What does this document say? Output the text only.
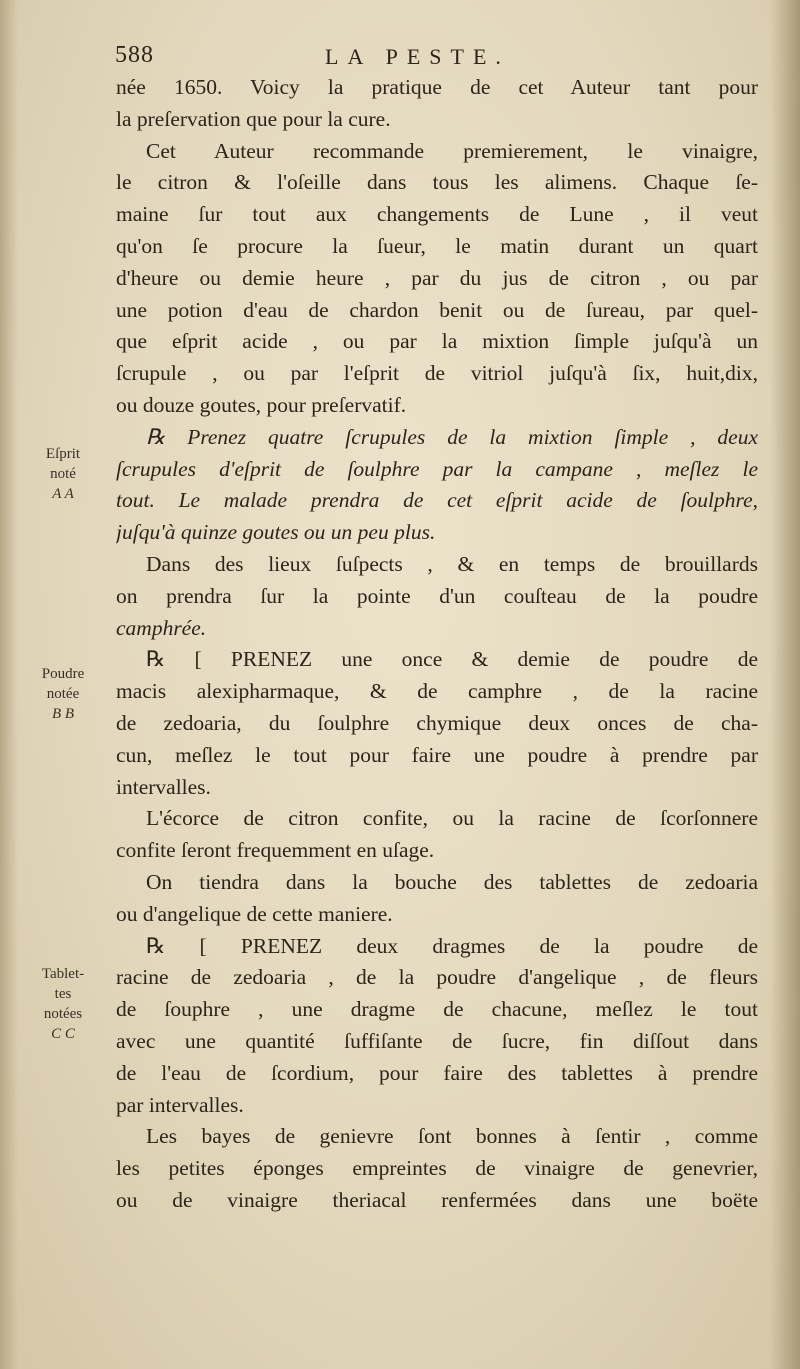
588	LA PESTE.
Eſprit
noté
A A
Poudre
notée
B B
Tablet-
tes
notées
C C
née 1650. Voicy la pratique de cet Auteur tant pour
la preſervation que pour la cure.
Cet Auteur recommande premierement, le vinaigre,
le citron & l'oſeille dans tous les alimens. Chaque ſe-
maine ſur tout aux changements de Lune , il veut
qu'on ſe procure la ſueur, le matin durant un quart
d'heure ou demie heure , par du jus de citron , ou par
une potion d'eau de chardon benit ou de ſureau, par quel-
que eſprit acide , ou par la mixtion ſimple juſqu'à un
ſcrupule , ou par l'eſprit de vitriol juſqu'à ſix, huit,dix,
ou douze goutes, pour preſervatif.
℞ Prenez quatre ſcrupules de la mixtion ſimple , deux
ſcrupules d'eſprit de ſoulphre par la campane , meſlez le
tout. Le malade prendra de cet eſprit acide de ſoulphre,
juſqu'à quinze goutes ou un peu plus.
Dans des lieux ſuſpects , & en temps de brouillards
on prendra ſur la pointe d'un couſteau de la poudre
camphrée.
℞ [ PRENEZ une once & demie de poudre de
macis alexipharmaque, & de camphre , de la racine
de zedoaria, du ſoulphre chymique deux onces de cha-
cun, meſlez le tout pour faire une poudre à prendre par
intervalles.
L'écorce de citron confite, ou la racine de ſcorſonnere
confite ſeront frequemment en uſage.
On tiendra dans la bouche des tablettes de zedoaria
ou d'angelique de cette maniere.
℞ [ PRENEZ deux dragmes de la poudre de
racine de zedoaria , de la poudre d'angelique , de fleurs
de ſouphre , une dragme de chacune, meſlez le tout
avec une quantité ſuffiſante de ſucre, fin diſſout dans
de l'eau de ſcordium, pour faire des tablettes à prendre
par intervalles.
Les bayes de genievre ſont bonnes à ſentir , comme
les petites éponges empreintes de vinaigre de genevrier,
ou de vinaigre theriacal renfermées dans une boëte
